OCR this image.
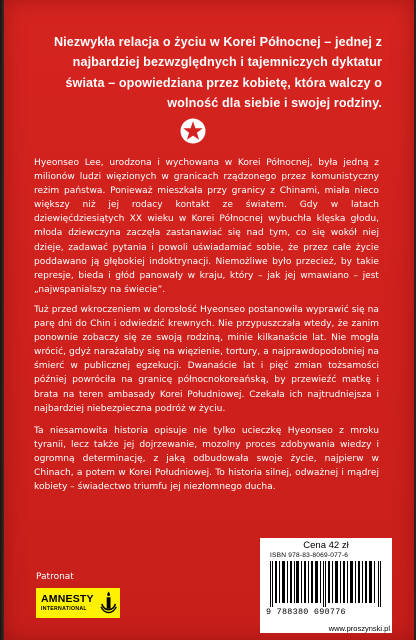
Niezwykła relacja o życiu w Korei Północnej – jednej z najbardziej bezwzględnych i tajemniczych dyktatur świata – opowiedziana przez kobietę, która walczy o wolność dla siebie i swojej rodziny.

Hyeonseo Lee, urodzona i wychowana w Korei Północnej, była jedną z milionów ludzi więzionych w granicach rządzonego przez komunistyczny reżim państwa. Ponieważ mieszkała przy granicy z Chinami, miała nieco większy niż jej rodacy kontakt ze światem. Gdy w latach dziewięćdziesiątych XX wieku w Korei Północnej wybuchła klęska głodu, młoda dziewczyna zaczęła zastanawiać się nad tym, co się wokół niej dzieje, zadawać pytania i powoli uświadamiać sobie, że przez całe życie poddawano ją głębokiej indoktrynacji. Niemożliwe było przecież, by takie represje, bieda i głód panowały w kraju, który – jak jej wmawiano – jest „najwspanialszy na świecie”.

Tuż przed wkroczeniem w dorosłość Hyeonseo postanowiła wyprawić się na parę dni do Chin i odwiedzić krewnych. Nie przypuszczała wtedy, że zanim ponownie zobaczy się ze swoją rodziną, minie kilkanaście lat. Nie mogła wrócić, gdyż narażałaby się na więzienie, tortury, a najprawdopodobniej na śmierć w publicznej egzekucji. Dwanaście lat i pięć zmian tożsamości później powróciła na granicę północnokoreańską, by przewieźć matkę i brata na teren ambasady Korei Południowej. Czekała ich najtrudniejsza i najbardziej niebezpieczna podróż w życiu.

Ta niesamowita historia opisuje nie tylko ucieczkę Hyeonseo z mroku tyranii, lecz także jej dojrzewanie, mozolny proces zdobywania wiedzy i ogromną determinację, z jaką odbudowała swoje życie, najpierw w Chinach, a potem w Korei Południowej. To historia silnej, odważnej i mądrej kobiety – świadectwo triumfu jej niezłomnego ducha.

Patronat
AMNESTY
INTERNATIONAL
Cena 42 zł
ISBN 978-83-8069-077-6
9 788380 690776
www.proszynski.pl
